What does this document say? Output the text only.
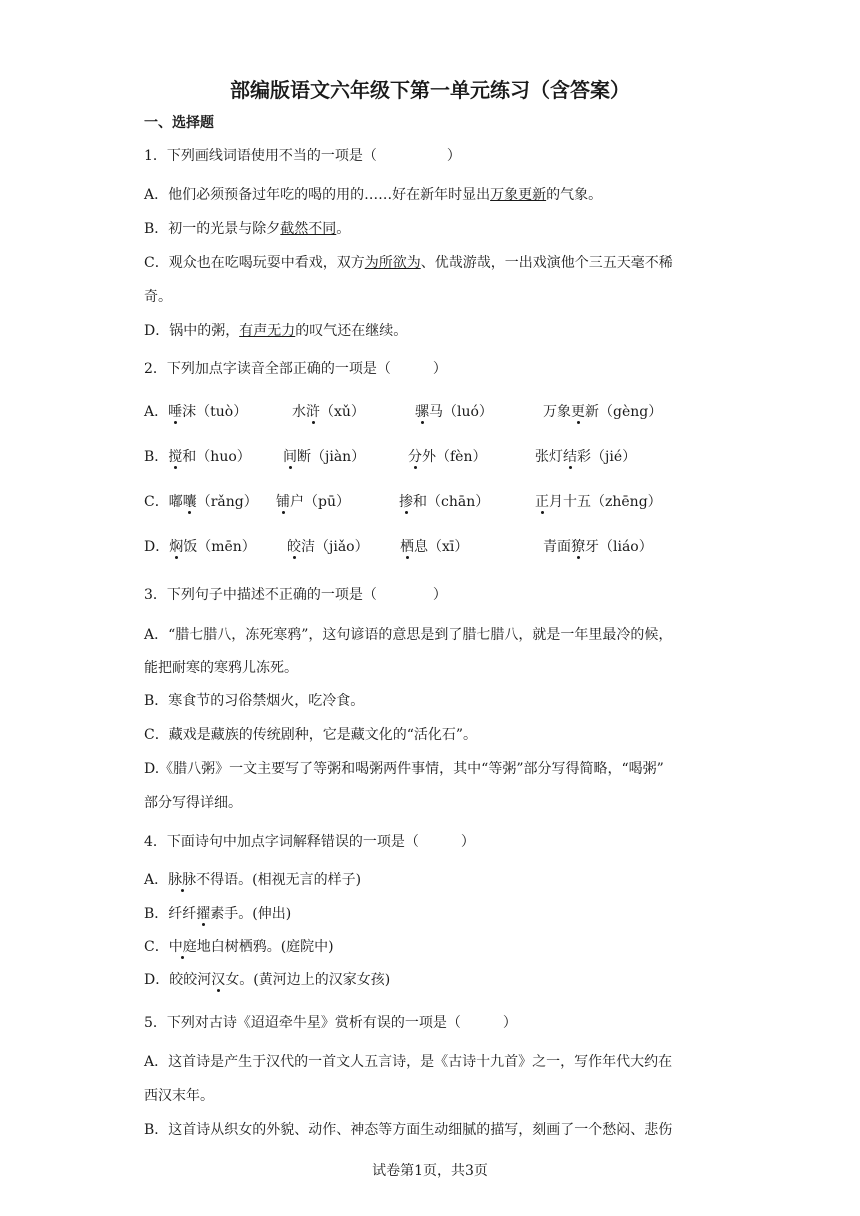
部编版语文六年级下第一单元练习（含答案）
一、选择题
1．下列画线词语使用不当的一项是（　　　　　）
A．他们必须预备过年吃的喝的用的……好在新年时显出万象更新的气象。
B．初一的光景与除夕截然不同。
C．观众也在吃喝玩耍中看戏，双方为所欲为、优哉游哉，一出戏演他个三五天毫不稀
奇。
D．锅中的粥，有声无力的叹气还在继续。
2．下列加点字读音全部正确的一项是（　　　）
A．唾沫（tuò）	水浒（xǔ）	骡马（luó）	万象更新（gèng）
B．搅和（huo） 间断（jiàn）	分外（fèn）	张灯结彩（jié）
C．嘟囔（rǎng） 铺户（pū）	掺和（chān）	正月十五（zhēng）
D．焖饭（mēn） 皎洁（jiǎo） 栖息（xī）	青面獠牙（liáo）
3．下列句子中描述不正确的一项是（　　　　）
A．“腊七腊八，冻死寒鸦”，这句谚语的意思是到了腊七腊八，就是一年里最冷的候，
能把耐寒的寒鸦儿冻死。
B．寒食节的习俗禁烟火，吃冷食。
C．藏戏是藏族的传统剧种，它是藏文化的“活化石”。
D.《腊八粥》一文主要写了等粥和喝粥两件事情，其中“等粥”部分写得简略，“喝粥”
部分写得详细。
4．下面诗句中加点字词解释错误的一项是（　　　）
A．脉脉不得语。(相视无言的样子)
B．纤纤擢素手。(伸出)
C．中庭地白树栖鸦。(庭院中)
D．皎皎河汉女。(黄河边上的汉家女孩)
5．下列对古诗《迢迢牵牛星》赏析有误的一项是（　　　）
A．这首诗是产生于汉代的一首文人五言诗，是《古诗十九首》之一，写作年代大约在
西汉末年。
B．这首诗从织女的外貌、动作、神态等方面生动细腻的描写，刻画了一个愁闷、悲伤
试卷第1页，共3页
